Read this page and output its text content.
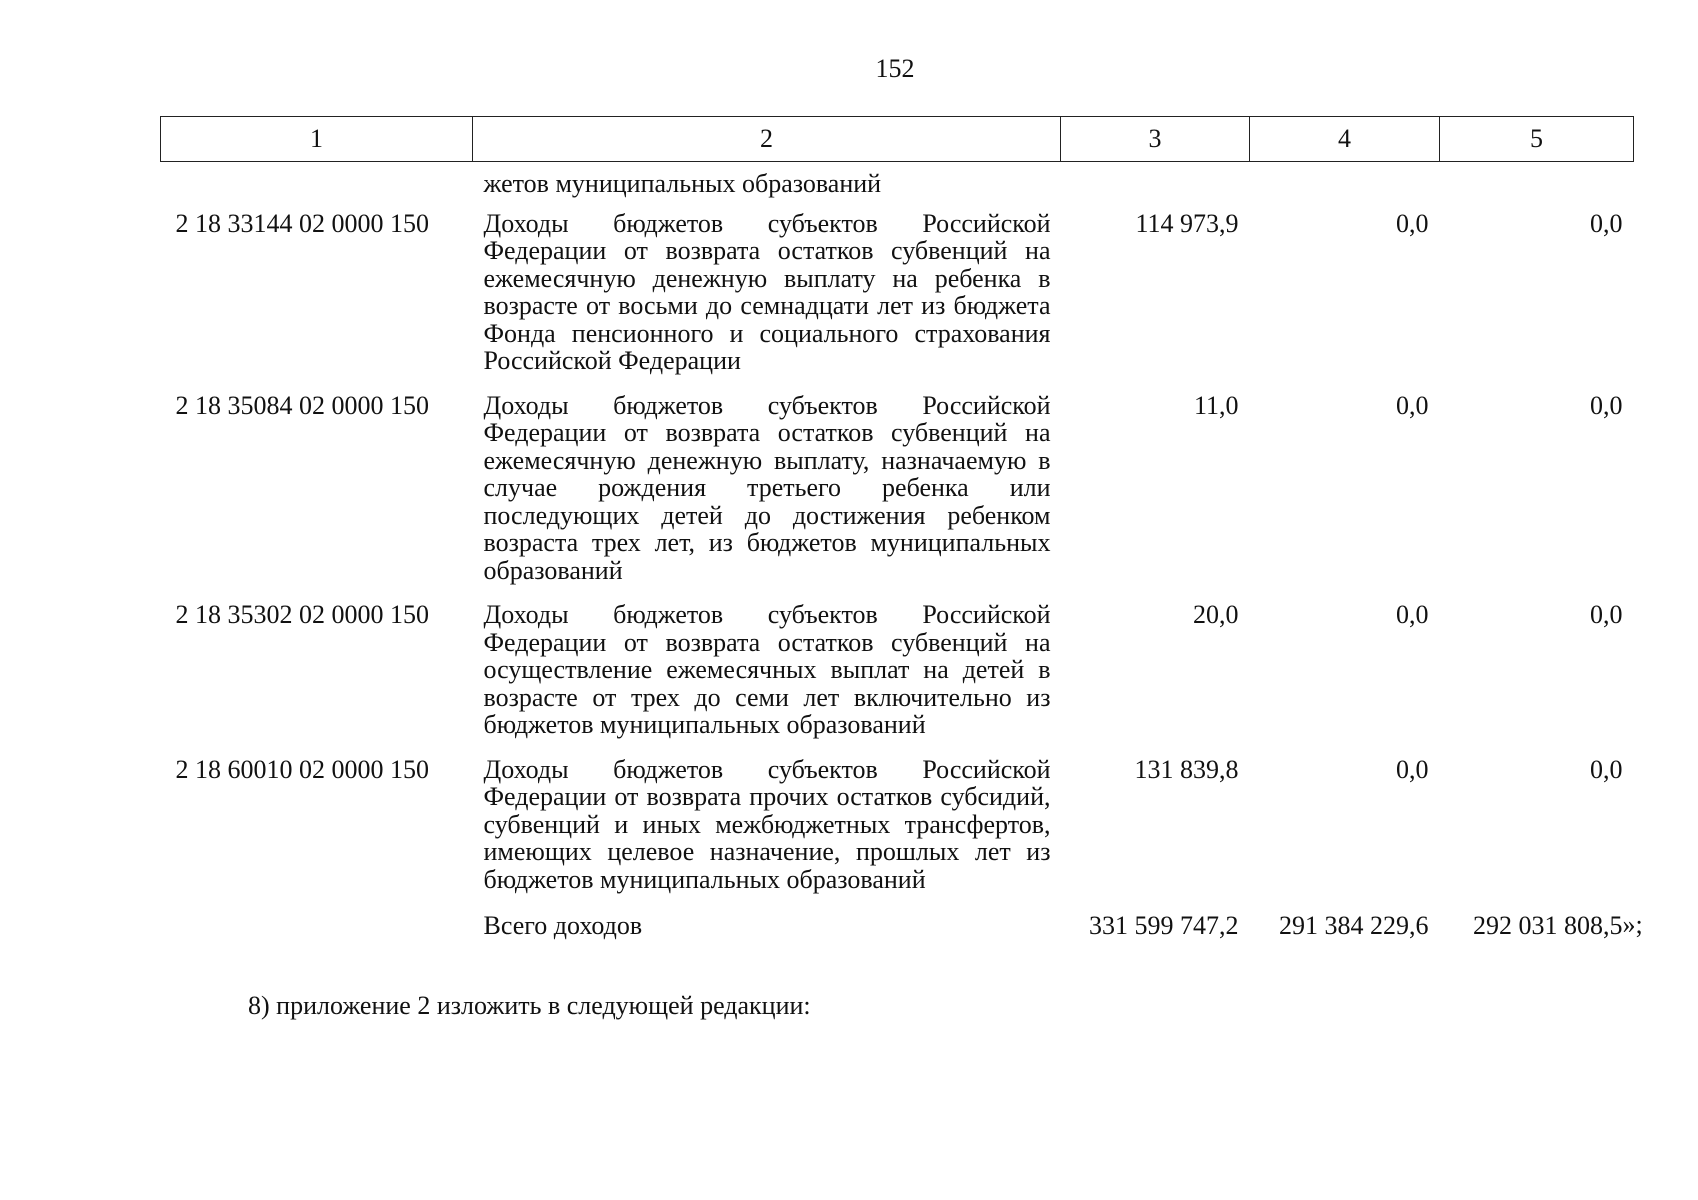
152
1	2	3	4	5
	жетов муниципальных образований			
2 18 33144 02 0000 150	Доходы бюджетов субъектов Российской Федерации от возврата остатков субвенций на ежемесячную денежную выплату на ребенка в возрасте от восьми до семнадцати лет из бюджета Фонда пенсионного и социального страхования Российской Федерации	114 973,9	0,0	0,0
2 18 35084 02 0000 150	Доходы бюджетов субъектов Российской Федерации от возврата остатков субвенций на ежемесячную денежную выплату, назначаемую в случае рождения третьего ребенка или последующих детей до достижения ребенком возраста трех лет, из бюджетов муниципальных образований	11,0	0,0	0,0
2 18 35302 02 0000 150	Доходы бюджетов субъектов Российской Федерации от возврата остатков субвенций на осуществление ежемесячных выплат на детей в возрасте от трех до семи лет включительно из бюджетов муниципальных образований	20,0	0,0	0,0
2 18 60010 02 0000 150	Доходы бюджетов субъектов Российской Федерации от возврата прочих остатков субсидий, субвенций и иных межбюджетных трансфертов, имеющих целевое назначение, прошлых лет из бюджетов муниципальных образований	131 839,8	0,0	0,0
	Всего доходов	331 599 747,2	291 384 229,6	292 031 808,5 »;
8) приложение 2 изложить в следующей редакции:
